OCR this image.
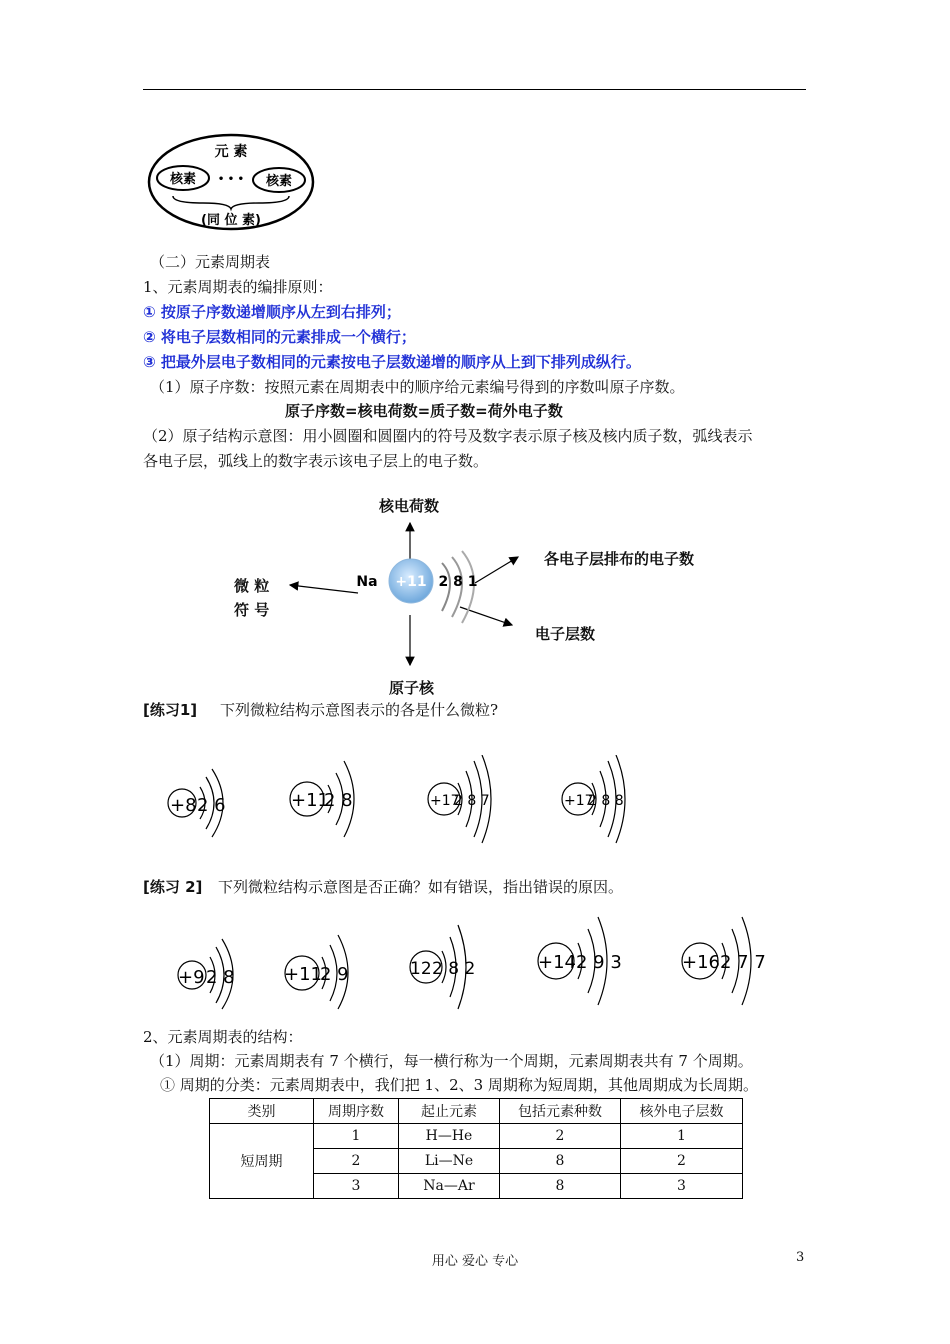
元 素
核素 • • • 核素
(同 位 素)
（二）元素周期表
1、元素周期表的编排原则：
① 按原子序数递增顺序从左到右排列；
② 将电子层数相同的元素排成一个横行；
③ 把最外层电子数相同的元素按电子层数递增的顺序从上到下排列成纵行。
（1）原子序数：按照元素在周期表中的顺序给元素编号得到的序数叫原子序数。
原子序数=核电荷数=质子数=荷外电子数
（2）原子结构示意图：用小圆圈和圆圈内的符号及数字表示原子核及核内质子数，弧线表示
各电子层，弧线上的数字表示该电子层上的电子数。
核电荷数
各电子层排布的电子数
微 粒
符 号
电子层数
原子核
+11
Na	2 8 1
[练习1] 下列微粒结构示意图表示的各是什么微粒?
+8 2 6	+11
2 8	+17
2 8 7	+17
2 8 8
[练习 2] 下列微粒结构示意图是否正确？如有错误，指出错误的原因。
+9 2 8	+11
2 9	12 2 8 2	+14 2 9 3	+16 2 7 7
2、元素周期表的结构：
（1）周期：元素周期表有 7 个横行，每一横行称为一个周期，元素周期表共有 7 个周期。
① 周期的分类：元素周期表中，我们把 1、2、3 周期称为短周期，其他周期成为长周期。
类别	周期序数	起止元素	包括元素种数	核外电子层数
短周期	1	H—He	2	1
	2	Li—Ne	8	2
	3	Na—Ar	8	3
用心 爱心 专心	3
